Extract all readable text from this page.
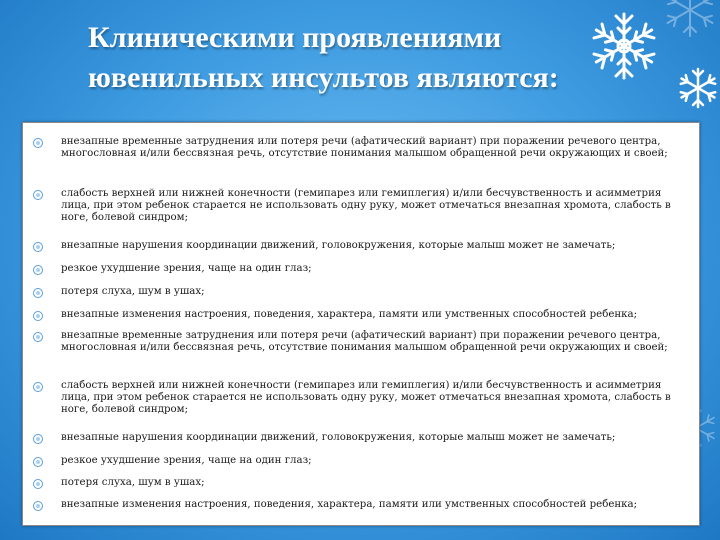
Клиническими проявлениями
ювенильных инсультов являются:
внезапные временные затруднения или потеря речи (афатический вариант) при поражении речевого центра, многословная и/или бессвязная речь, отсутствие понимания малышом обращенной речи окружающих и своей;
слабость верхней или нижней конечности (гемипарез или гемиплегия) и/или бесчувственность и асимметрия лица, при этом ребенок старается не использовать одну руку, может отмечаться внезапная хромота, слабость в ноге, болевой синдром;
внезапные нарушения координации движений, головокружения, которые малыш может не замечать;
резкое ухудшение зрения, чаще на один глаз;
потеря слуха, шум в ушах;
внезапные изменения настроения, поведения, характера, памяти или умственных способностей ребенка;
внезапные временные затруднения или потеря речи (афатический вариант) при поражении речевого центра, многословная и/или бессвязная речь, отсутствие понимания малышом обращенной речи окружающих и своей;
слабость верхней или нижней конечности (гемипарез или гемиплегия) и/или бесчувственность и асимметрия лица, при этом ребенок старается не использовать одну руку, может отмечаться внезапная хромота, слабость в ноге, болевой синдром;
внезапные нарушения координации движений, головокружения, которые малыш может не замечать;
резкое ухудшение зрения, чаще на один глаз;
потеря слуха, шум в ушах;
внезапные изменения настроения, поведения, характера, памяти или умственных способностей ребенка;
